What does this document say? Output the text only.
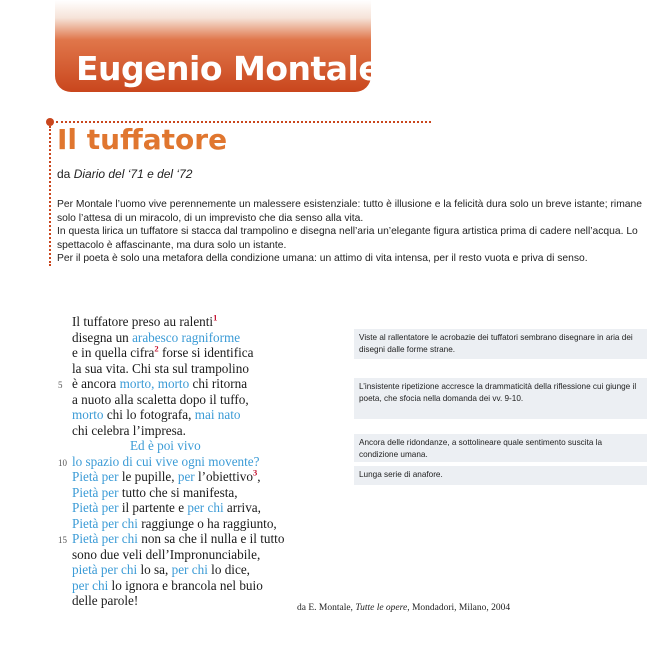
Eugenio Montale
Il tuffatore
da Diario del ‘71 e del ‘72

Per Montale l’uomo vive perennemente un malessere esistenziale: tutto è illusione e la felicità dura solo un breve istante; rimane solo l’attesa di un miracolo, di un imprevisto che dia senso alla vita.

In questa lirica un tuffatore si stacca dal trampolino e disegna nell’aria un’elegante figura artistica prima di cadere nell’acqua. Lo spettacolo è affascinante, ma dura solo un istante.

Per il poeta è solo una metafora della condizione umana: un attimo di vita intensa, per il resto vuota e priva di senso.

Il tuffatore preso au ralenti$^1$
disegna un arabesco ragniforme
e in quella cifra$^2$ forse si identifica
la sua vita. Chi sta sul trampolino
5 è ancora morto, morto chi ritorna
a nuoto alla scaletta dopo il tuffo,
morto chi lo fotografa, mai nato
chi celebra l’impresa.
Ed è poi vivo
10 lo spazio di cui vive ogni movente?
Pietà per le pupille, per l’obiettivo$^3$,
Pietà per tutto che si manifesta,
Pietà per il partente e per chi arriva,
Pietà per chi raggiunge o ha raggiunto,
15 Pietà per chi non sa che il nulla e il tutto
sono due veli dell’Impronunciabile,
pietà per chi lo sa, per chi lo dice,
per chi lo ignora e brancola nel buio
delle parole!	da E. Montale, Tutte le opere, Mondadori, Milano, 2004
Viste al rallentatore le acrobazie dei tuffatori sembrano disegnare in aria dei disegni dalle forme strane.
L’insistente ripetizione accresce la drammaticità della riflessione cui giunge il poeta, che sfocia nella domanda dei vv. 9-10.
Ancora delle ridondanze, a sottolineare quale sentimento suscita la condizione umana.
Lunga serie di anafore.
